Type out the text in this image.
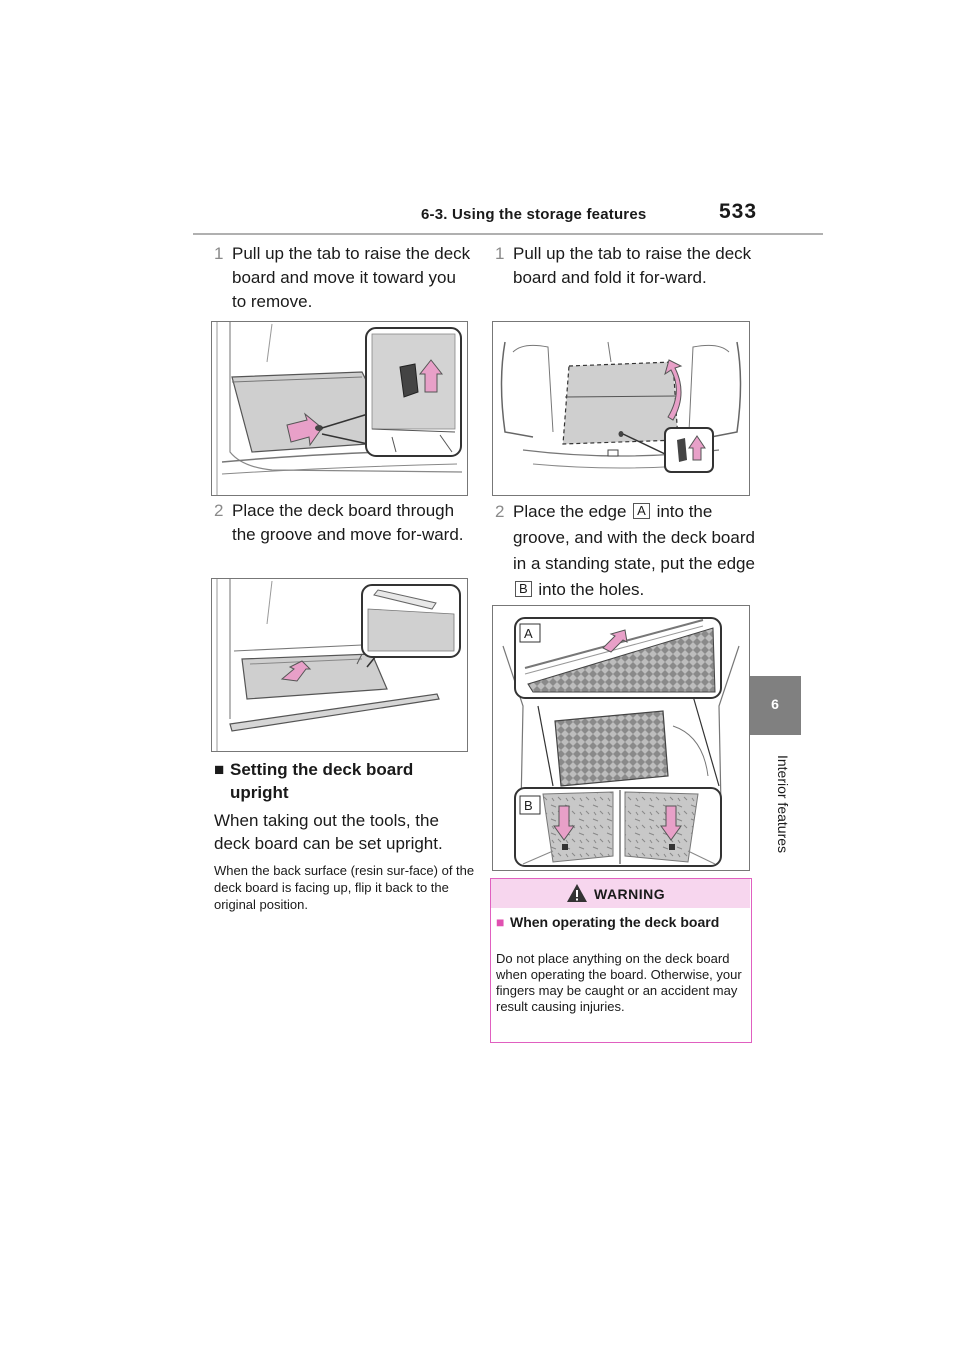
6-3. Using the storage features	533
6
Interior features
1 Pull up the tab to raise the deck board and move it toward you to remove.
2 Place the deck board through the groove and move for-ward.
■ Setting the deck board upright
When taking out the tools, the deck board can be set upright.
When the back surface (resin sur-face) of the deck board is facing up, flip it back to the original position.
1 Pull up the tab to raise the deck board and fold it for-ward.
2 Place the edge A into the groove, and with the deck board in a standing state, put the edge B into the holes.
A
B
WARNING
■ When operating the deck board
Do not place anything on the deck board when operating the board. Otherwise, your fingers may be caught or an accident may result causing injuries.
